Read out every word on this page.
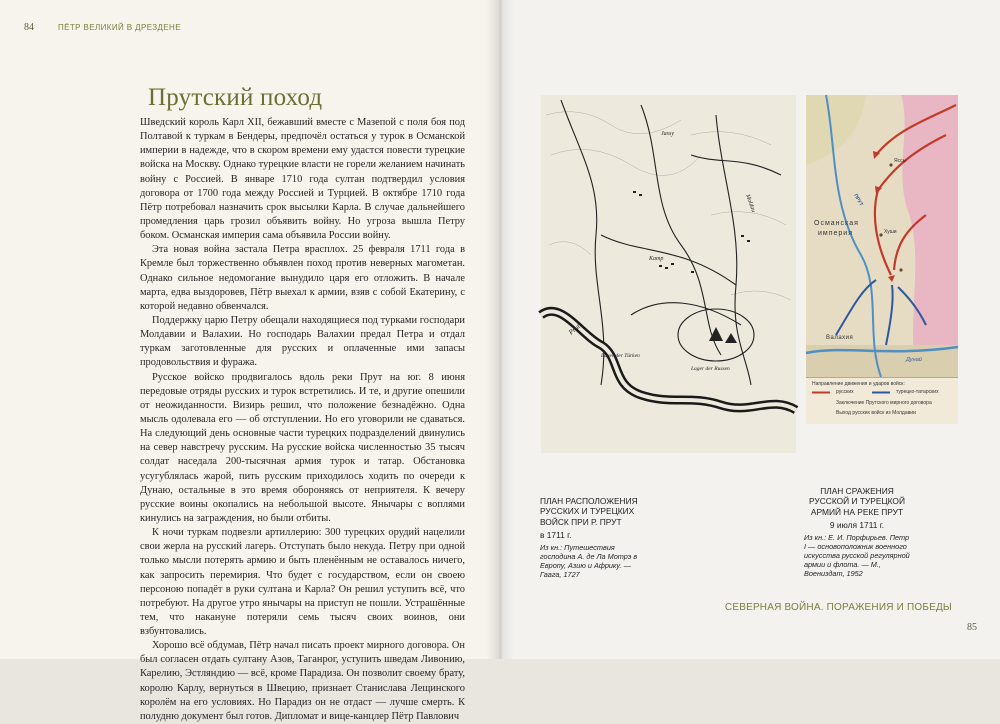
84	ПЁТР ВЕЛИКИЙ В ДРЕЗДЕНЕ
Прутский поход

Шведский король Карл XII, бежавший вместе с Мазепой с поля боя под Полтавой к туркам в Бендеры, предпочёл остаться у турок в Османской империи в надежде, что в скором времени ему удастся повести турецкие войска на Москву. Однако турецкие власти не горели желанием начинать войну с Россией. В январе 1710 года султан подтвердил условия договора от 1700 года между Россией и Турцией. В октябре 1710 года Пётр потребовал назначить срок высылки Карла. В случае дальнейшего промедления царь грозил объявить войну. Но угроза вышла Петру боком. Османская империя сама объявила России войну.

Эта новая война застала Петра врасплох. 25 февраля 1711 года в Кремле был торжественно объявлен поход против неверных магометан. Однако сильное недомогание вынудило царя его отложить. В начале марта, едва выздоровев, Пётр выехал к армии, взяв с собой Екатерину, с которой недавно обвенчался.

Поддержку царю Петру обещали находящиеся под турками господари Молдавии и Валахии. Но господарь Валахии предал Петра и отдал туркам заготовленные для русских и оплаченные ими запасы продовольствия и фуража.

Русское войско продвигалось вдоль реки Прут на юг. 8 июня передовые отряды русских и турок встретились. И те, и другие опешили от неожиданности. Визирь решил, что положение безнадёжно. Одна мысль одолевала его — об отступлении. Но его уговорили не сдаваться. На следующий день основные части турецких подразделений двинулись на север навстречу русским. На русские войска численностью 35 тысяч солдат наседала 200-тысячная армия турок и татар. Обстановка усугублялась жарой, пить русским приходилось ходить по очереди к Дунаю, остальные в это время обороняясь от неприятеля. К вечеру русские воины окопались на небольшой высоте. Янычары с воплями кинулись на заграждения, но были отбиты.

К ночи туркам подвезли артиллерию: 300 турецких орудий нацелили свои жерла на русский лагерь. Отступать было некуда. Петру при одной только мысли потерять армию и быть пленённым не оставалось ничего, как запросить перемирия. Что будет с государством, если он своею персоною попадёт в руки султана и Карла? Он решил уступить всё, что потребуют. На другое утро янычары на приступ не пошли. Устрашённые тем, что накануне потеряли семь тысяч своих воинов, они взбунтовались.

Хорошо всё обдумав, Пётр начал писать проект мирного договора. Он был согласен отдать султану Азов, Таганрог, уступить шведам Ливонию, Карелию, Эстляндию — всё, кроме Парадиза. Он позволит своему брату, королю Карлу, вернуться в Швецию, признает Станислава Лещинского королём на его условиях. Но Парадиз он не отдаст — лучше смерть. К полудню документ был готов. Дипломат и вице-канцлер Пётр Павлович

Prut
Kamp
Jassy
Lager der Türken
Lager der Russen
Moldau
Османская
империя
ПРУТ
Валахия
Дунай
Яссы
Хуши
Направление движения и ударов войск:
русских	турецко-татарских
Заключение Прутского мирного договора
Выход русских войск из Молдавии
ПЛАН РАСПОЛОЖЕНИЯ РУССКИХ И ТУРЕЦКИХ ВОЙСК ПРИ Р. ПРУТ
в 1711 г.
Из кн.: Путешествия господина А. де Ла Мотрэ в Европу, Азию и Африку. — Гаага, 1727
ПЛАН СРАЖЕНИЯ РУССКОЙ И ТУРЕЦКОЙ АРМИЙ НА РЕКЕ ПРУТ
9 июля 1711 г.
Из кн.: Е. И. Порфирьев. Петр I — основоположник военного искусства русской регулярной армии и флота. — М., Воениздат, 1952
СЕВЕРНАЯ ВОЙНА. ПОРАЖЕНИЯ И ПОБЕДЫ
85
